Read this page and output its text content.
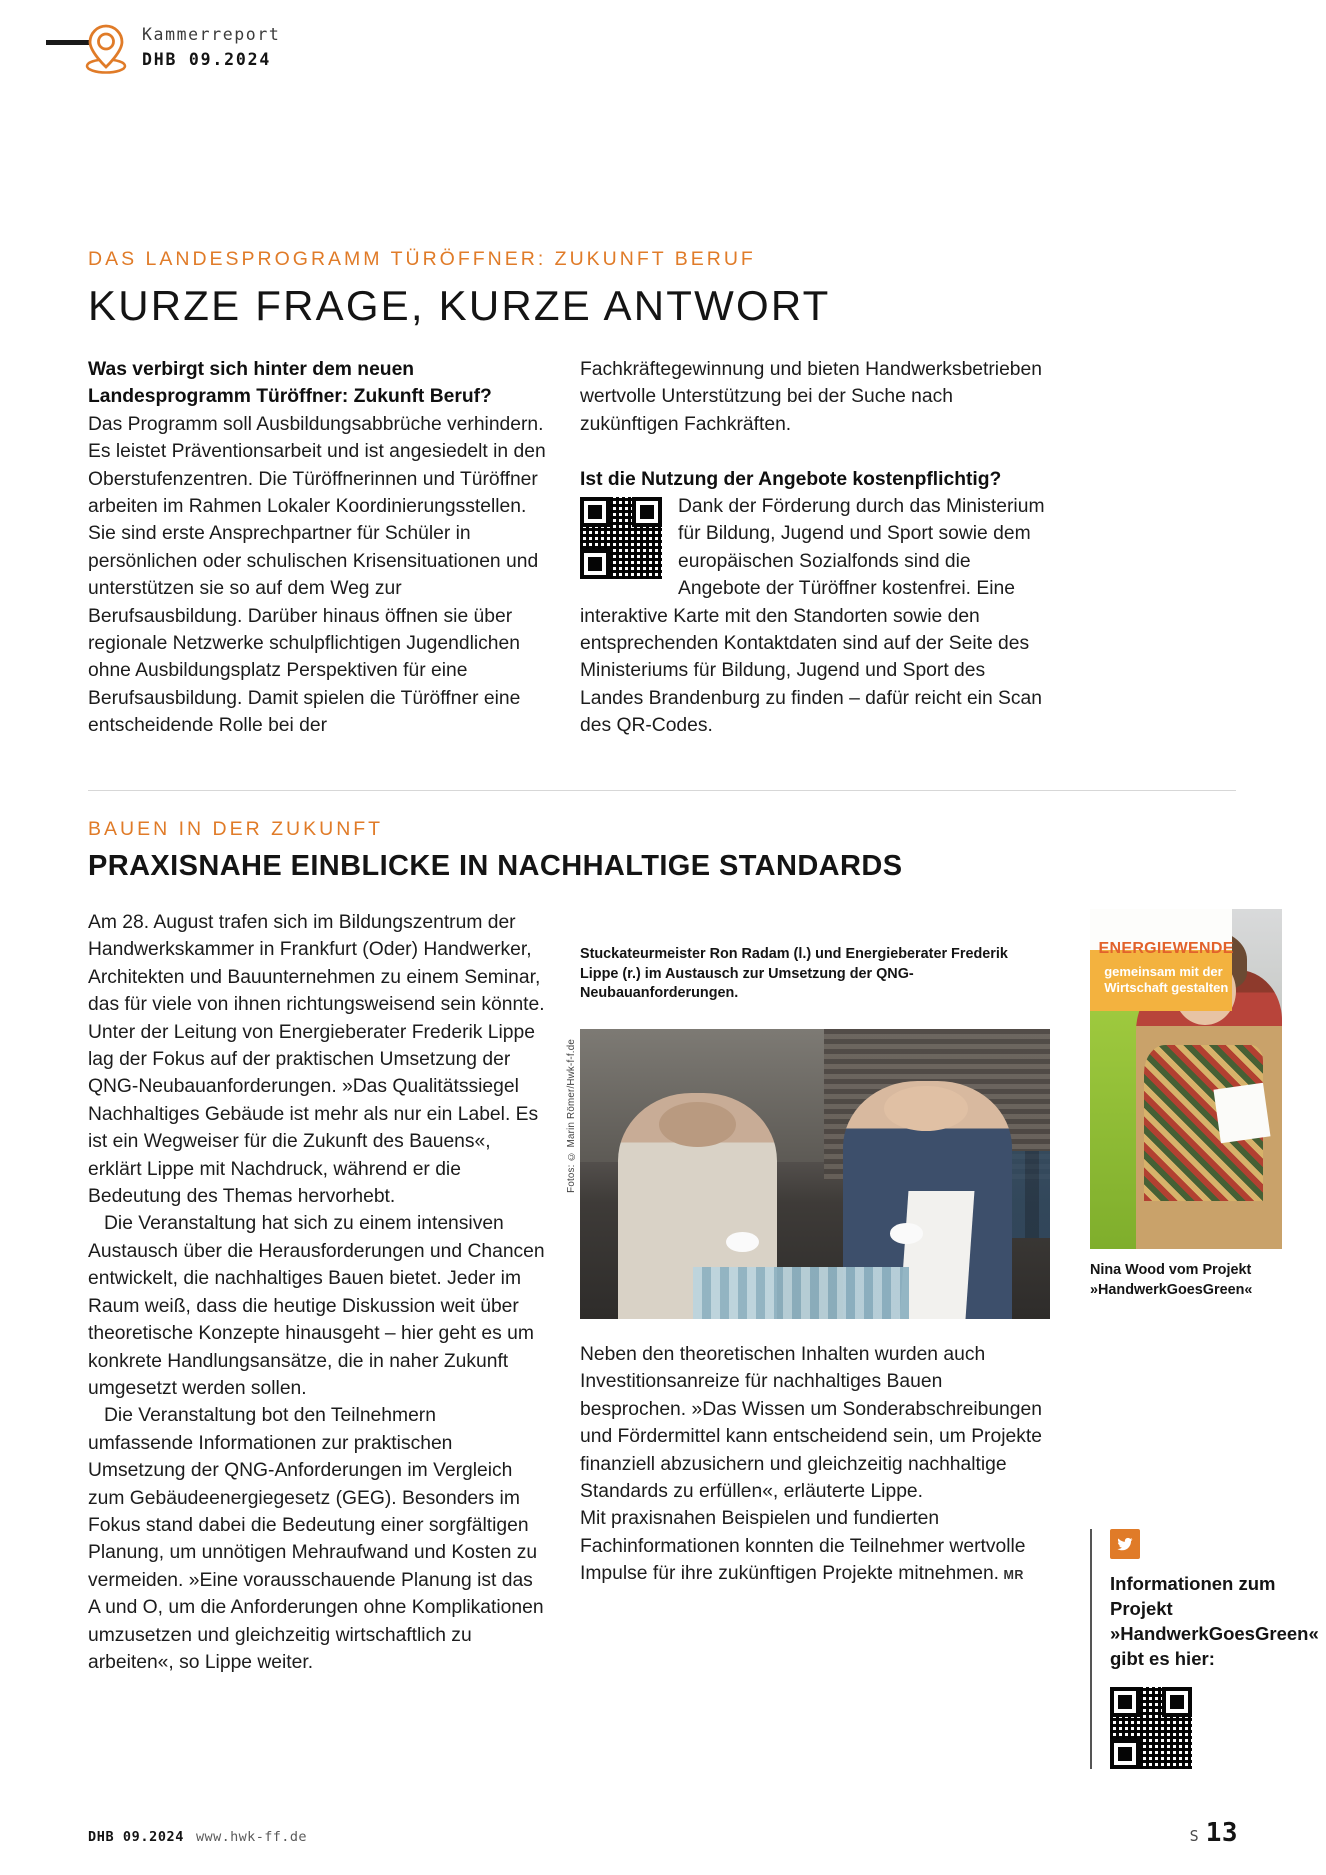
Kammerreport
DHB 09.2024
DAS LANDESPROGRAMM TÜRÖFFNER: ZUKUNFT BERUF
KURZE FRAGE, KURZE ANTWORT

Was verbirgt sich hinter dem neuen Landesprogramm Türöffner: Zukunft Beruf?

Das Programm soll Ausbildungsabbrüche verhindern. Es leistet Präventionsarbeit und ist angesiedelt in den Oberstufenzentren. Die Türöffnerinnen und Türöffner arbeiten im Rahmen Lokaler Koordinierungsstellen. Sie sind erste Ansprechpartner für Schüler in persönlichen oder schulischen Krisensituationen und unterstützen sie so auf dem Weg zur Berufsausbildung. Darüber hinaus öffnen sie über regionale Netzwerke schulpflichtigen Jugendlichen ohne Ausbildungsplatz Perspektiven für eine Berufsausbildung. Damit spielen die Türöffner eine entscheidende Rolle bei der

Fachkräftegewinnung und bieten Handwerksbetrieben wertvolle Unterstützung bei der Suche nach zukünftigen Fachkräften.

Ist die Nutzung der Angebote kostenpflichtig?

Dank der Förderung durch das Ministerium für Bildung, Jugend und Sport sowie dem europäischen Sozialfonds sind die Angebote der Türöffner kostenfrei. Eine interaktive Karte mit den Standorten sowie den entsprechenden Kontaktdaten sind auf der Seite des Ministeriums für Bildung, Jugend und Sport des Landes Brandenburg zu finden – dafür reicht ein Scan des QR-Codes.

BAUEN IN DER ZUKUNFT
PRAXISNAHE EINBLICKE IN NACHHALTIGE STANDARDS

Am 28. August trafen sich im Bildungszentrum der Handwerkskammer in Frankfurt (Oder) Handwerker, Architekten und Bauunternehmen zu einem Seminar, das für viele von ihnen richtungsweisend sein könnte. Unter der Leitung von Energieberater Frederik Lippe lag der Fokus auf der praktischen Umsetzung der QNG-Neubauanforderungen. »Das Qualitätssiegel Nachhaltiges Gebäude ist mehr als nur ein Label. Es ist ein Wegweiser für die Zukunft des Bauens«, erklärt Lippe mit Nachdruck, während er die Bedeutung des Themas hervorhebt.

Die Veranstaltung hat sich zu einem intensiven Austausch über die Herausforderungen und Chancen entwickelt, die nachhaltiges Bauen bietet. Jeder im Raum weiß, dass die heutige Diskussion weit über theoretische Konzepte hinausgeht – hier geht es um konkrete Handlungsansätze, die in naher Zukunft umgesetzt werden sollen.

Die Veranstaltung bot den Teilnehmern umfassende Informationen zur praktischen Umsetzung der QNG-Anforderungen im Vergleich zum Gebäudeenergiegesetz (GEG). Besonders im Fokus stand dabei die Bedeutung einer sorgfältigen Planung, um unnötigen Mehraufwand und Kosten zu vermeiden. »Eine vorausschauende Planung ist das A und O, um die Anforderungen ohne Komplikationen umzusetzen und gleichzeitig wirtschaftlich zu arbeiten«, so Lippe weiter.

Stuckateurmeister Ron Radam (l.) und Energieberater Frederik Lippe (r.) im Austausch zur Umsetzung der QNG-Neubauanforderungen.
Fotos: © Marin Römer/Hwk-f-f.de

Neben den theoretischen Inhalten wurden auch Investitionsanreize für nachhaltiges Bauen besprochen. »Das Wissen um Sonderabschreibungen und Fördermittel kann entscheidend sein, um Projekte finanziell abzusichern und gleichzeitig nachhaltige Standards zu erfüllen«, erläuterte Lippe.

Mit praxisnahen Beispielen und fundierten Fachinformationen konnten die Teilnehmer wertvolle Impulse für ihre zukünftigen Projekte mitnehmen. MR
ENERGIEWENDE
gemeinsam mit der Wirtschaft gestalten
Nina Wood vom Projekt »HandwerkGoesGreen«
Informationen zum Projekt »HandwerkGoesGreen« gibt es hier:
DHB 09.2024 www.hwk-ff.de	S 13
